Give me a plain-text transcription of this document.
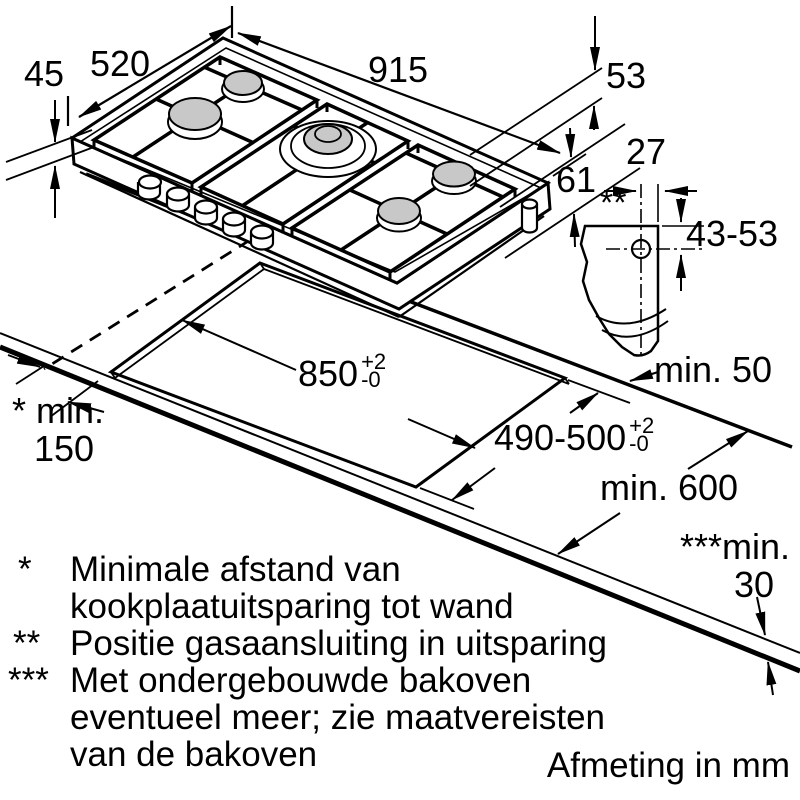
45 520	915	53
61
27
**
43-53
850 +2
-0
490-500 +2
-0
min. 50
min. 600
* min.
150
***min.
30
* Minimale afstand van
kookplaatuitsparing tot wand
** Positie gasaansluiting in uitsparing
*** Met ondergebouwde bakoven
eventueel meer; zie maatvereisten
van de bakoven	Afmeting in mm
